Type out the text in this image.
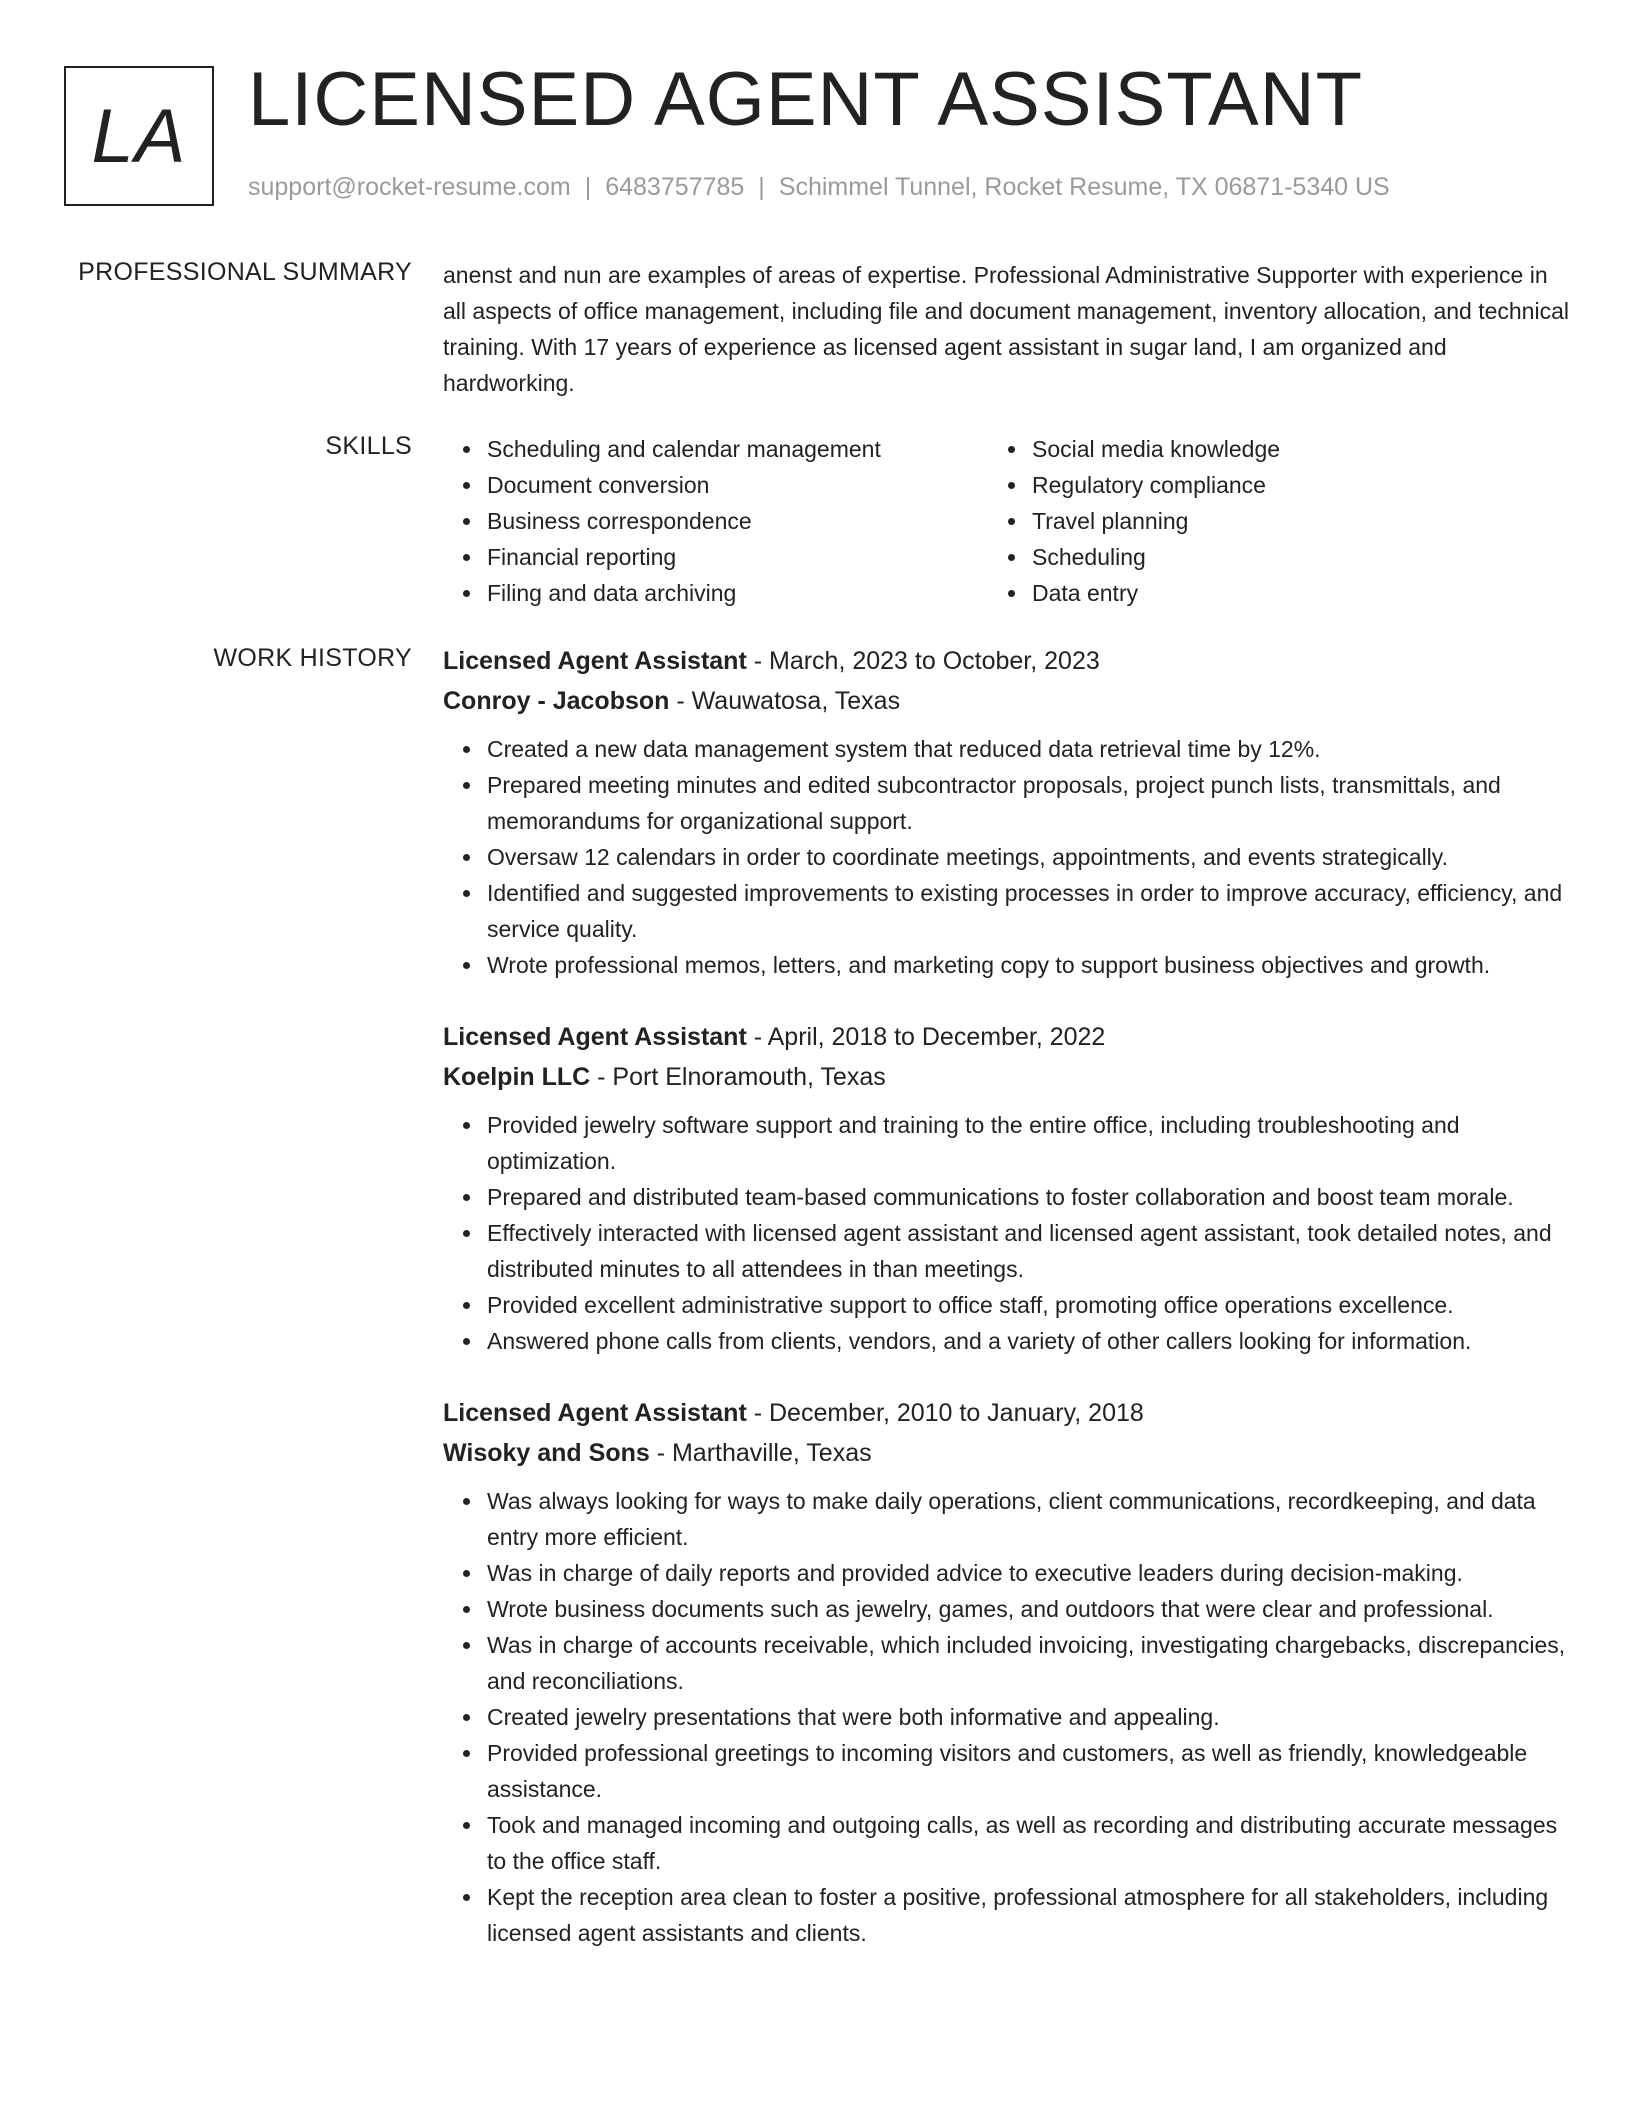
LA LICENSED AGENT ASSISTANT
support@rocket-resume.com | 6483757785 | Schimmel Tunnel, Rocket Resume, TX 06871-5340 US
PROFESSIONAL SUMMARY anenst and nun are examples of areas of expertise. Professional Administrative Supporter with experience in all aspects of office management, including file and document management, inventory allocation, and technical training. With 17 years of experience as licensed agent assistant in sugar land, I am organized and hardworking.
SKILLS	Scheduling and calendar management
Document conversion
Business correspondence
Financial reporting
Filing and data archiving
Social media knowledge
Regulatory compliance
Travel planning
Scheduling
Data entry
WORK HISTORY Licensed Agent Assistant - March, 2023 to October, 2023
Conroy - Jacobson - Wauwatosa, Texas
Created a new data management system that reduced data retrieval time by 12%.
Prepared meeting minutes and edited subcontractor proposals, project punch lists, transmittals, and memorandums for organizational support.
Oversaw 12 calendars in order to coordinate meetings, appointments, and events strategically.
Identified and suggested improvements to existing processes in order to improve accuracy, efficiency, and service quality.
Wrote professional memos, letters, and marketing copy to support business objectives and growth.
Licensed Agent Assistant - April, 2018 to December, 2022
Koelpin LLC - Port Elnoramouth, Texas
Provided jewelry software support and training to the entire office, including troubleshooting and optimization.
Prepared and distributed team-based communications to foster collaboration and boost team morale.
Effectively interacted with licensed agent assistant and licensed agent assistant, took detailed notes, and distributed minutes to all attendees in than meetings.
Provided excellent administrative support to office staff, promoting office operations excellence.
Answered phone calls from clients, vendors, and a variety of other callers looking for information.
Licensed Agent Assistant - December, 2010 to January, 2018
Wisoky and Sons - Marthaville, Texas
Was always looking for ways to make daily operations, client communications, recordkeeping, and data entry more efficient.
Was in charge of daily reports and provided advice to executive leaders during decision-making.
Wrote business documents such as jewelry, games, and outdoors that were clear and professional.
Was in charge of accounts receivable, which included invoicing, investigating chargebacks, discrepancies, and reconciliations.
Created jewelry presentations that were both informative and appealing.
Provided professional greetings to incoming visitors and customers, as well as friendly, knowledgeable assistance.
Took and managed incoming and outgoing calls, as well as recording and distributing accurate messages to the office staff.
Kept the reception area clean to foster a positive, professional atmosphere for all stakeholders, including licensed agent assistants and clients.
